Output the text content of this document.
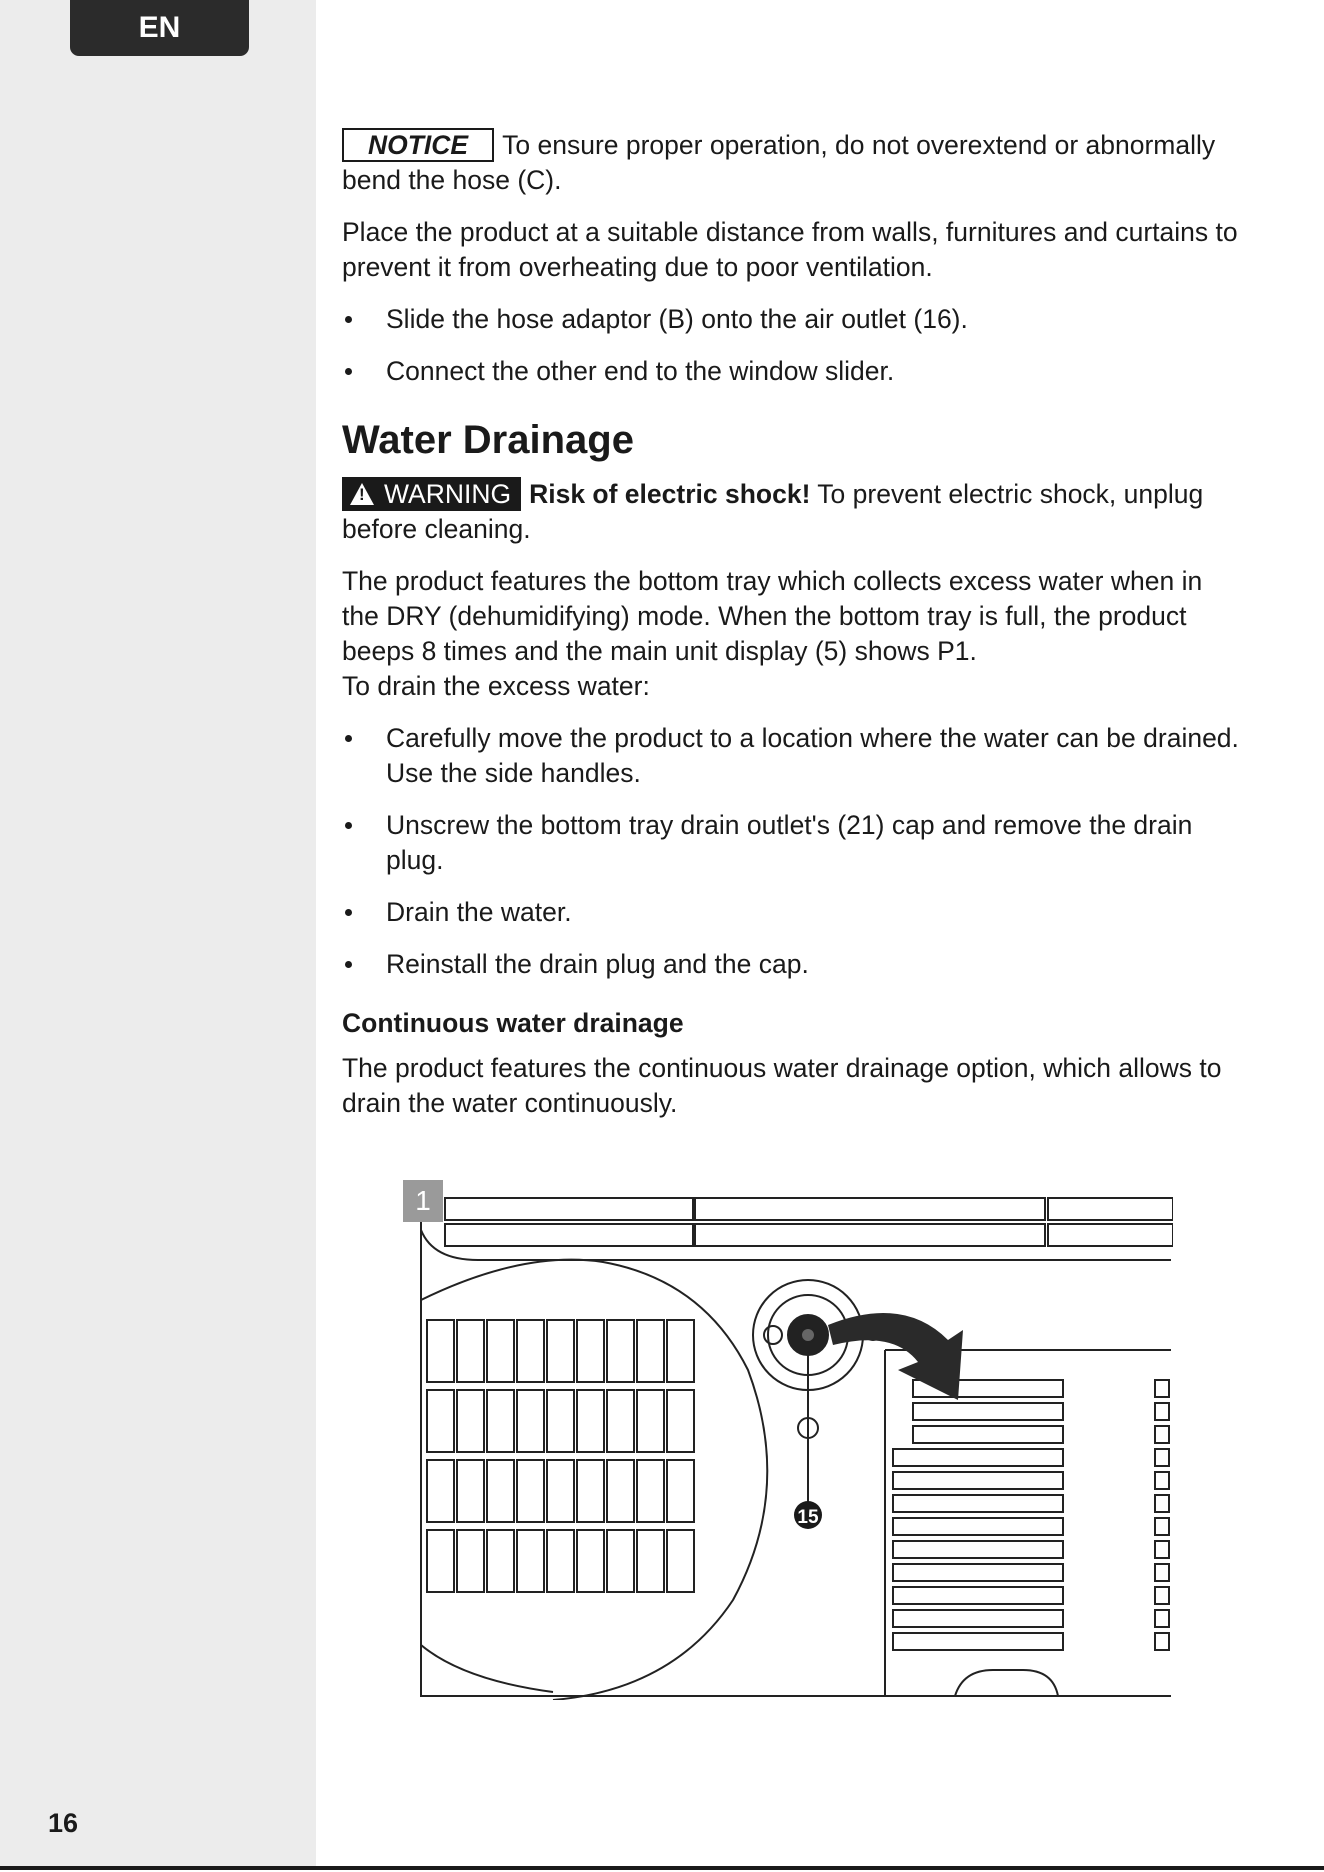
EN

NOTICE To ensure proper operation, do not overextend or abnormally bend the hose (C).

Place the product at a suitable distance from walls, furnitures and curtains to prevent it from overheating due to poor ventilation.

Slide the hose adaptor (B) onto the air outlet (16).
Connect the other end to the window slider.
Water Drainage

! WARNING Risk of electric shock! To prevent electric shock, unplug before cleaning.

The product features the bottom tray which collects excess water when in the DRY (dehumidifying) mode. When the bottom tray is full, the product beeps 8 times and the main unit display (5) shows P1.
To drain the excess water:

Carefully move the product to a location where the water can be drained. Use the side handles.
Unscrew the bottom tray drain outlet's (21) cap and remove the drain plug.
Drain the water.
Reinstall the drain plug and the cap.
Continuous water drainage

The product features the continuous water drainage option, which allows to drain the water continuously.

15
1
16
